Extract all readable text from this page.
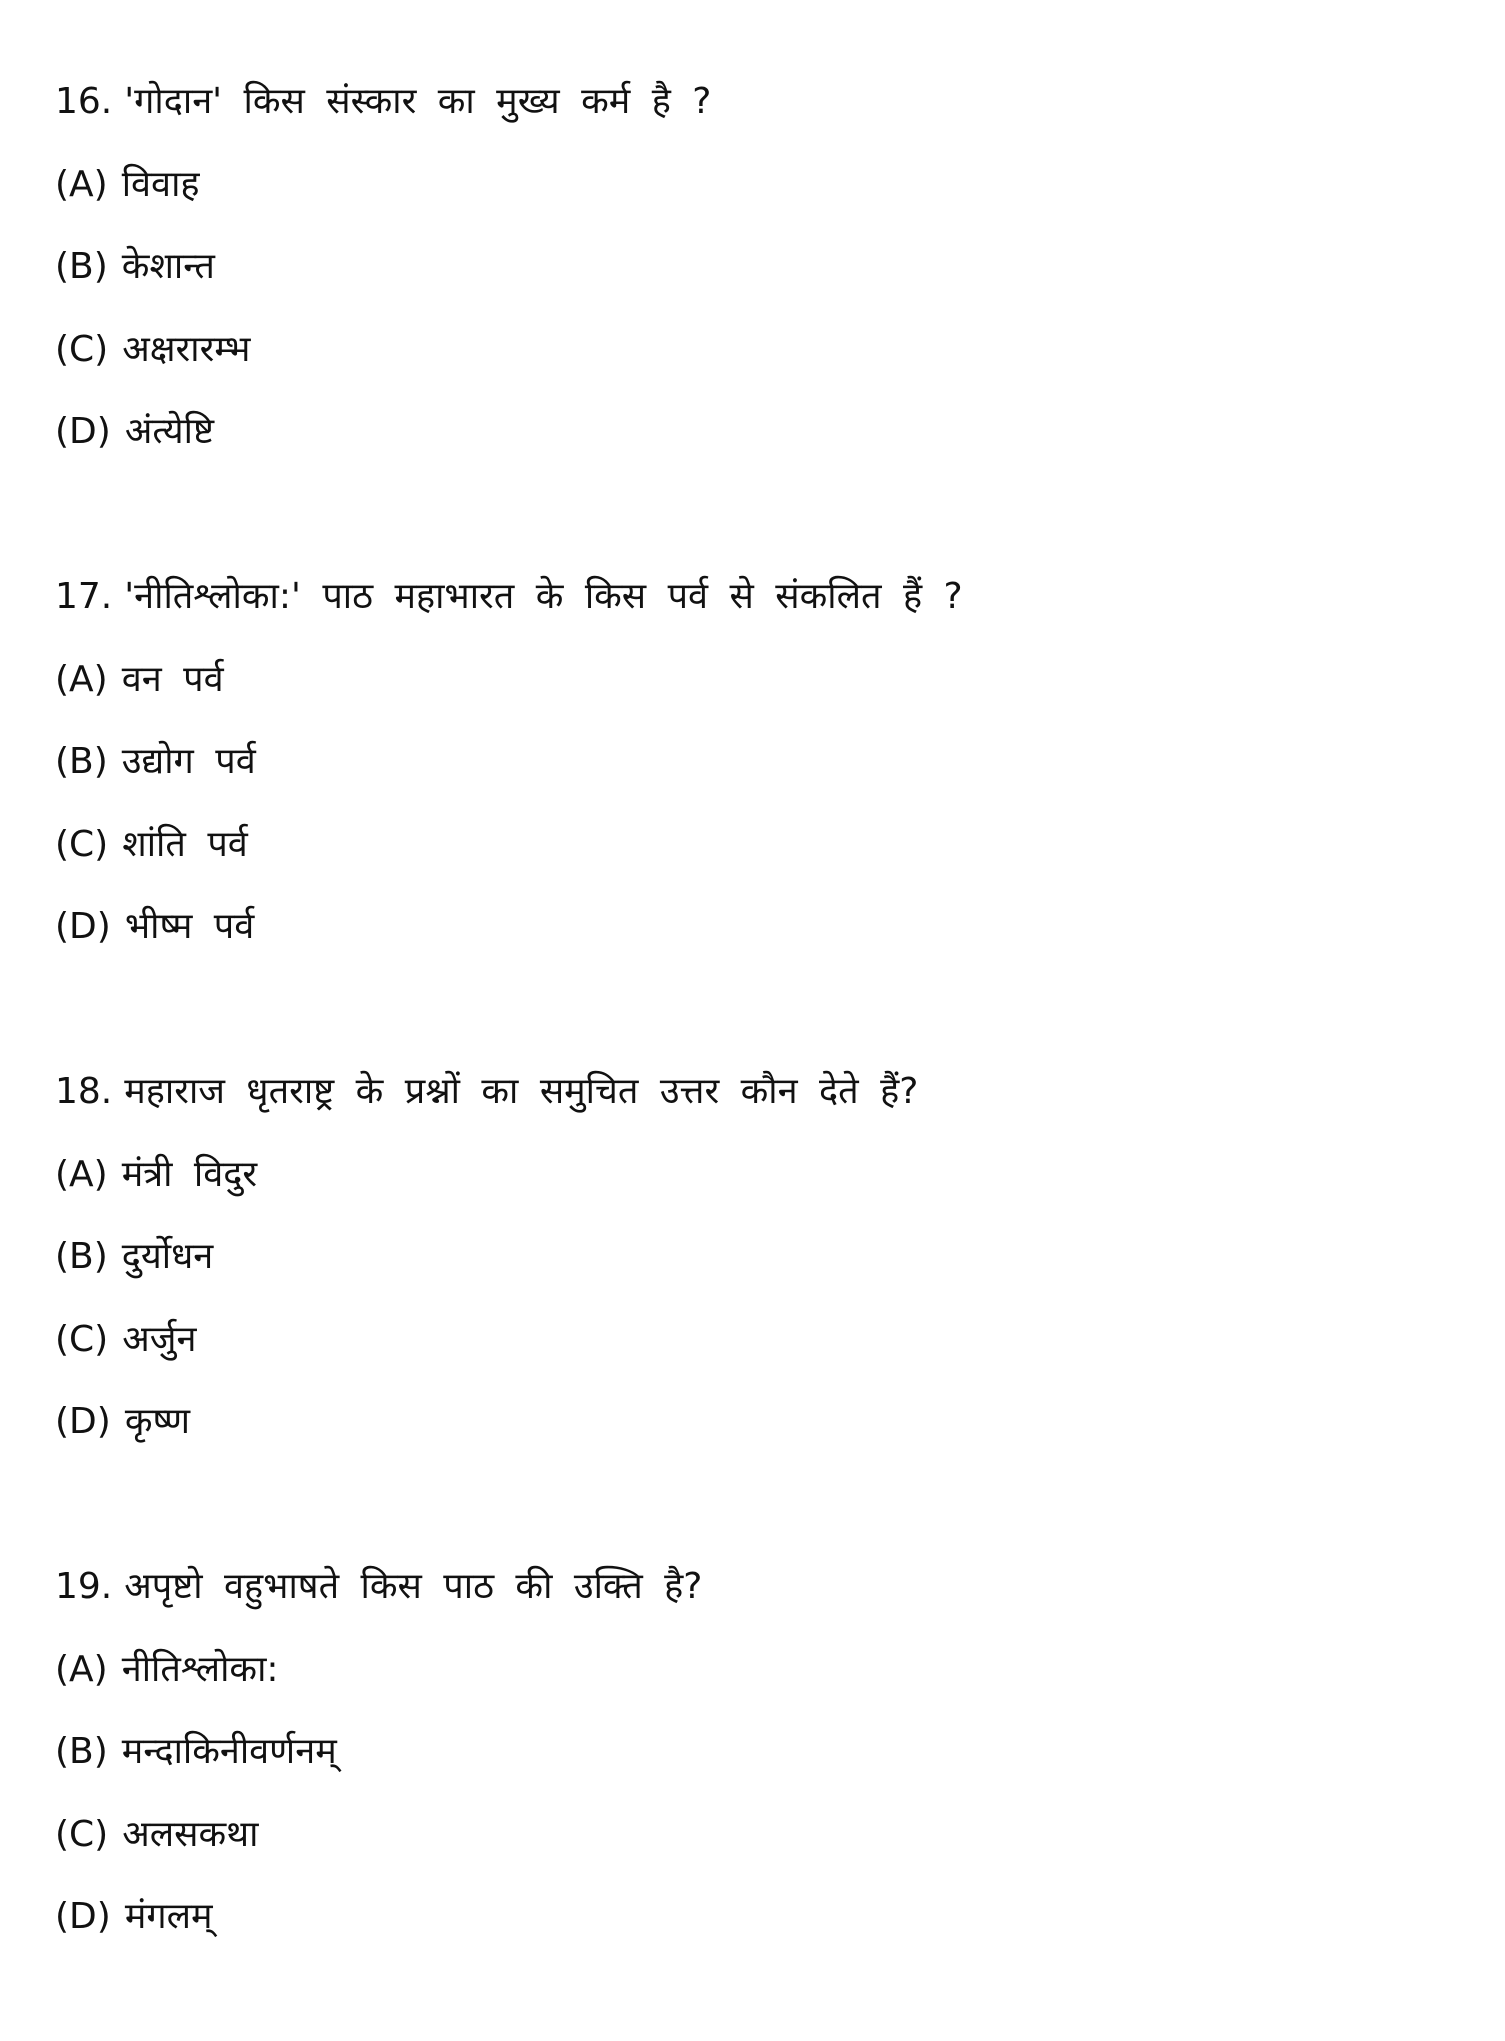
16. 'गोदान' किस संस्कार का मुख्य कर्म है ?
(A) विवाह
(B) केशान्त
(C) अक्षरारम्भ
(D) अंत्येष्टि
17. 'नीतिश्लोका:' पाठ महाभारत के किस पर्व से संकलित हैं ?
(A) वन पर्व
(B) उद्योग पर्व
(C) शांति पर्व
(D) भीष्म पर्व
18. महाराज धृतराष्ट्र के प्रश्नों का समुचित उत्तर कौन देते हैं?
(A) मंत्री विदुर
(B) दुर्योधन
(C) अर्जुन
(D) कृष्ण
19. अपृष्टो वहुभाषते किस पाठ की उक्ति है?
(A) नीतिश्लोका:
(B) मन्दाकिनीवर्णनम्
(C) अलसकथा
(D) मंगलम्
